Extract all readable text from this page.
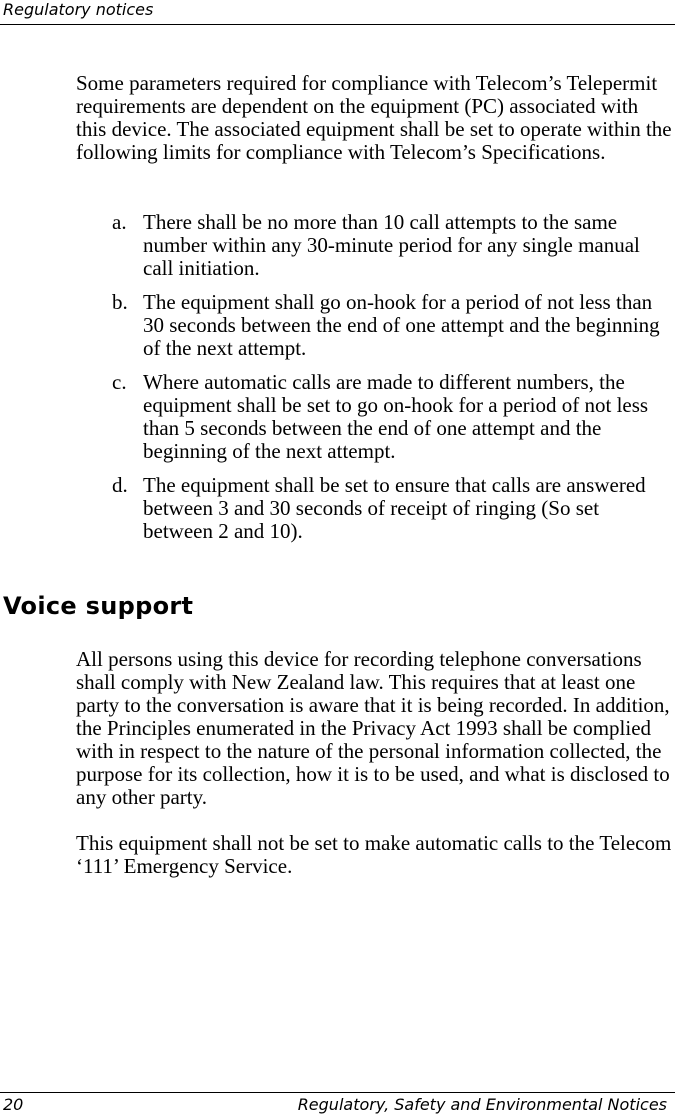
Regulatory notices

Some parameters required for compliance with Telecom’s Telepermit requirements are dependent on the equipment (PC) associated with this device. The associated equipment shall be set to operate within the following limits for compliance with Telecom’s Specifications.

a. There shall be no more than 10 call attempts to the same number within any 30-minute period for any single manual call initiation.
b. The equipment shall go on-hook for a period of not less than 30 seconds between the end of one attempt and the beginning of the next attempt.
c. Where automatic calls are made to different numbers, the equipment shall be set to go on-hook for a period of not less than 5 seconds between the end of one attempt and the beginning of the next attempt.
d. The equipment shall be set to ensure that calls are answered between 3 and 30 seconds of receipt of ringing (So set between 2 and 10).
Voice support

All persons using this device for recording telephone conversations shall comply with New Zealand law. This requires that at least one party to the conversation is aware that it is being recorded. In addition, the Principles enumerated in the Privacy Act 1993 shall be complied with in respect to the nature of the personal information collected, the purpose for its collection, how it is to be used, and what is disclosed to any other party.

This equipment shall not be set to make automatic calls to the Telecom ‘111’ Emergency Service.

20	Regulatory, Safety and Environmental Notices
